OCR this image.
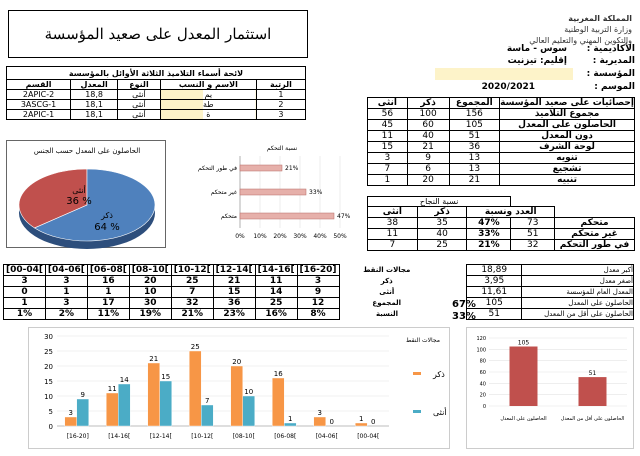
استثمار المعدل على صعيد المؤسسة
المملكة المغربية
وزارة التربية الوطنية
والتكوين المهني والتعليم العالي
الأكاديمية :
سوس - ماسة
المديرية :
إقليم: تيزنيت
المؤسسة :
الموسم :
2020/2021
لائحة أسماء التلاميذ الثلاثة الأوائل بالمؤسسة				
الرتبة	الاسم و النسب	النوع	المعدل	القسم
1	يم	أنثى	18,8	2APIC-2
2	طة	أنثى	18,1	3ASCG-1
3	ة	أنثى	18,1	2APIC-1
إحصائيات على صعيد المؤسسة	المجموع	ذكر	أنثى
مجموع التلاميذ	156	100	56
الحاصلون على المعدل	105	60	45
دون المعدل	51	40	11
لوحة الشرف	36	21	15
تنويه	13	9	3
تشجيع	13	6	7
تنبيه	21	20	1
		نسبة النجاح		
	العدد ونسبة		ذكر	أنثى
متحكم	73	47%	35	38
غير متحكم	51	33%	40	11
في طور التحكم	32	21%	25	7
الحاصلون على المعدل حسب الجنس
أنثى
36 %
ذكر
64 %
نسبة التحكم
0% 10% 20% 30% 40% 50%
في طور التحكم	21%
غير متحكم	33%
متحكم	47%
[00-04[	[04-06[	[06-08[	[08-10[	[10-12[	[12-14[	[14-16[	[16-20]	مجالات النقط
3	3	16	20	25	21	11	3	ذكر
0	1	1	10	7	15	14	9	أنثى
1	3	17	30	32	36	25	12	المجموع
1%	2%	11%	19%	21%	23%	16%	8%	النسبة
أكبر معدل	18,89
أصغر معدل	3,95
المعدل العام للمؤسسة	11,61
الحاصلون على المعدل	105
الحاصلون على أقل من المعدل	51
67%
33%
0
5
10
15
20
25
30
3
9
[16-20]
11
14
[14-16[
21
15
[12-14[
25
7
[10-12[
20
10
[08-10[
16
1
[06-08[
3
0
[04-06[
1 0
[00-04[
مجالات النقط
ذكر
أنثى
0
20
40
60
80
100
120
105
الحاصلون على المعدل
51
الحاصلون على أقل من المعدل
